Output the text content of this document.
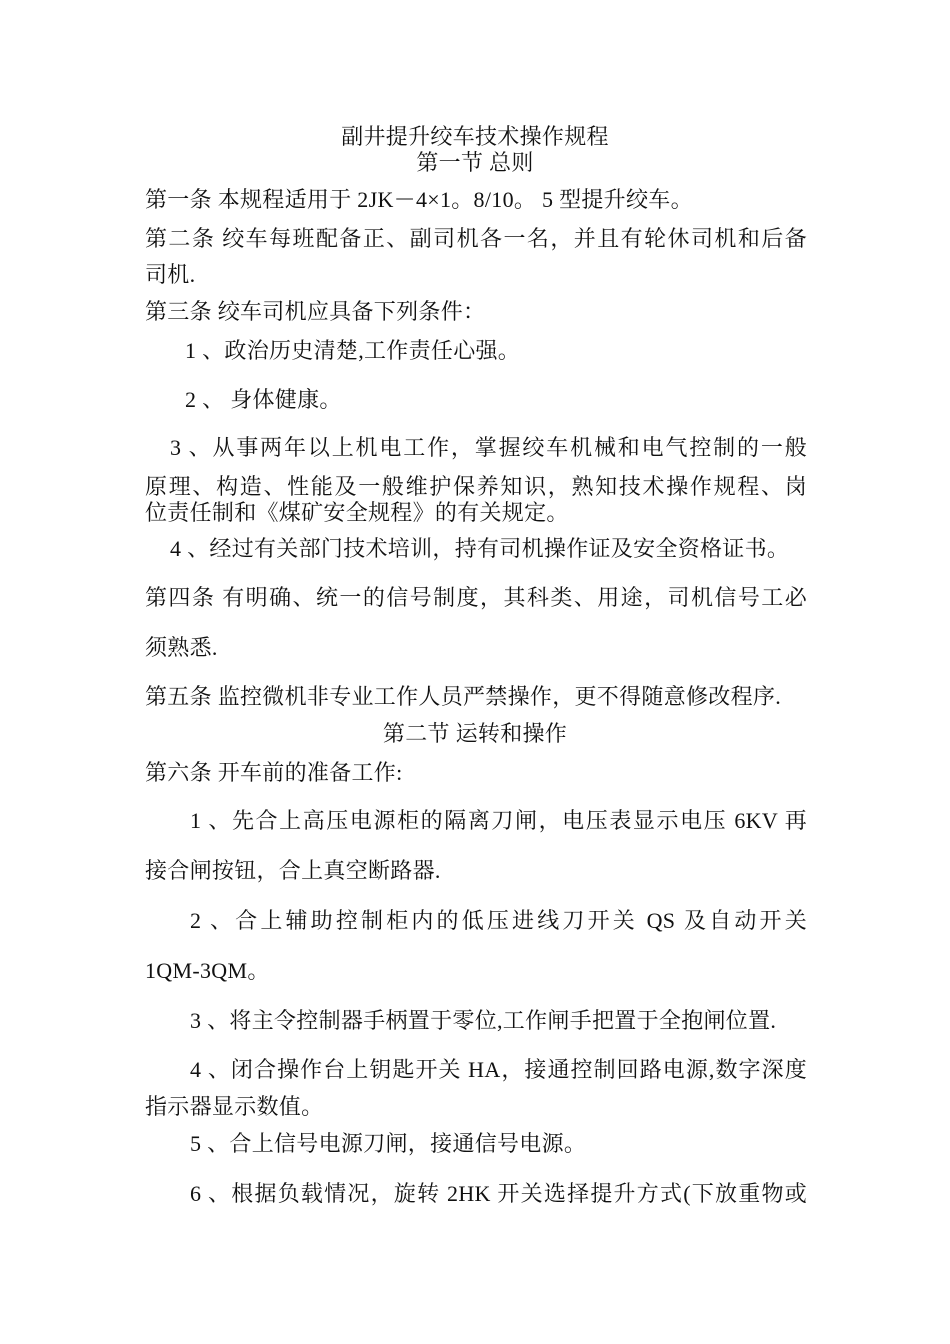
副井提升绞车技术操作规程
第一节 总则
第一条 本规程适用于 2JK－4×1。8/10。 5 型提升绞车。
第二条 绞车每班配备正、副司机各一名，并且有轮休司机和后备
司机.
第三条 绞车司机应具备下列条件：
1 、政治历史清楚,工作责任心强。
2 、 身体健康。
3 、从事两年以上机电工作，掌握绞车机械和电气控制的一般
原理、构造、性能及一般维护保养知识，熟知技术操作规程、岗
位责任制和《煤矿安全规程》的有关规定。
4 、经过有关部门技术培训，持有司机操作证及安全资格证书。
第四条 有明确、统一的信号制度，其科类、用途，司机信号工必
须熟悉.
第五条 监控微机非专业工作人员严禁操作，更不得随意修改程序.
第二节 运转和操作
第六条 开车前的准备工作:
1 、先合上高压电源柜的隔离刀闸，电压表显示电压 6KV 再
接合闸按钮，合上真空断路器.
2 、合上辅助控制柜内的低压进线刀开关 QS 及自动开关
1QM-3QM。
3 、将主令控制器手柄置于零位,工作闸手把置于全抱闸位置.
4 、闭合操作台上钥匙开关 HA，接通控制回路电源,数字深度
指示器显示数值。
5 、合上信号电源刀闸，接通信号电源。
6 、根据负载情况，旋转 2HK 开关选择提升方式(下放重物或
